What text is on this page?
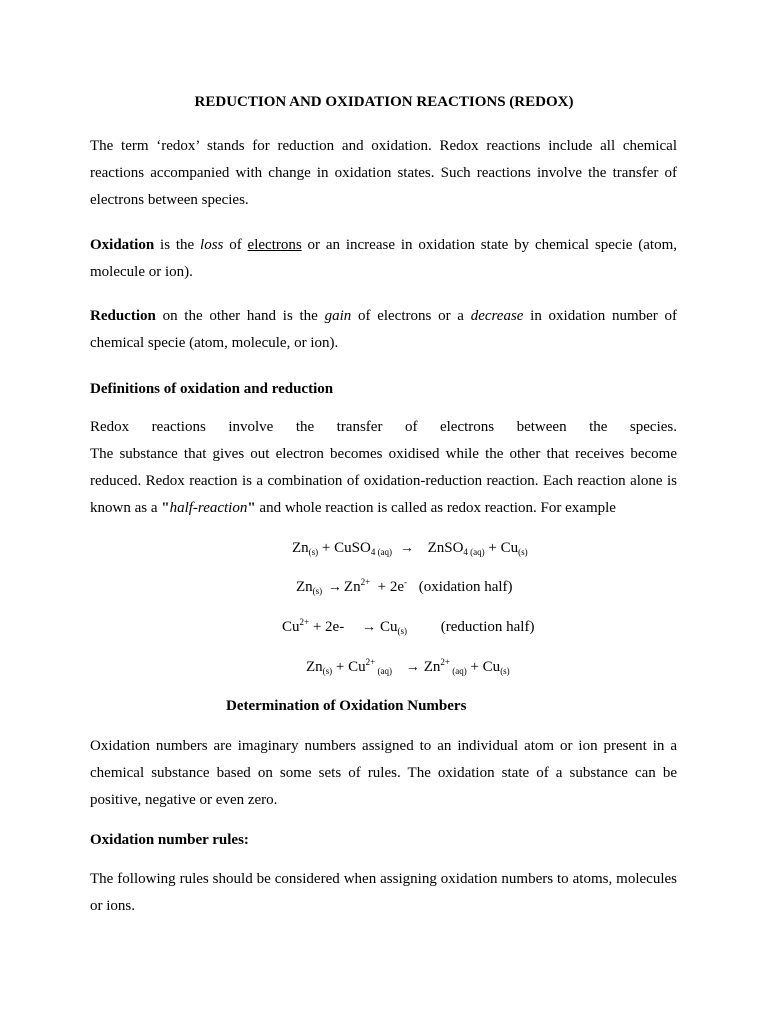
REDUCTION AND OXIDATION REACTIONS (REDOX)

The term ‘redox’ stands for reduction and oxidation. Redox reactions include all chemical reactions accompanied with change in oxidation states. Such reactions involve the transfer of electrons between species.

Oxidation is the loss of electrons or an increase in oxidation state by chemical specie (atom, molecule or ion).

Reduction on the other hand is the gain of electrons or a decrease in oxidation number of chemical specie (atom, molecule, or ion).

Definitions of oxidation and reduction

Redox reactions involve the transfer of electrons between the species.

The substance that gives out electron becomes oxidised while the other that receives become reduced. Redox reaction is a combination of oxidation-reduction reaction. Each reaction alone is known as a "half-reaction" and whole reaction is called as redox reaction. For example

$Zn_{(s)}$ + CuSO$_{4 (aq)}$ → ZnSO$_{4 (aq)}$ + $Cu_{(s)}$
$Zn_{(s)} \to Zn^{2+} + 2e^-$ (oxidation half)
$Cu^{2+} + 2e- \to Cu_{(s)}$ (reduction half)
$Zn_{(s)} + Cu^{2+}$ $_{(aq)} \to Zn^{2+}$ $_{(aq)} + Cu_{(s)}$
Determination of Oxidation Numbers

Oxidation numbers are imaginary numbers assigned to an individual atom or ion present in a chemical substance based on some sets of rules. The oxidation state of a substance can be positive, negative or even zero.

Oxidation number rules:

The following rules should be considered when assigning oxidation numbers to atoms, molecules or ions.
